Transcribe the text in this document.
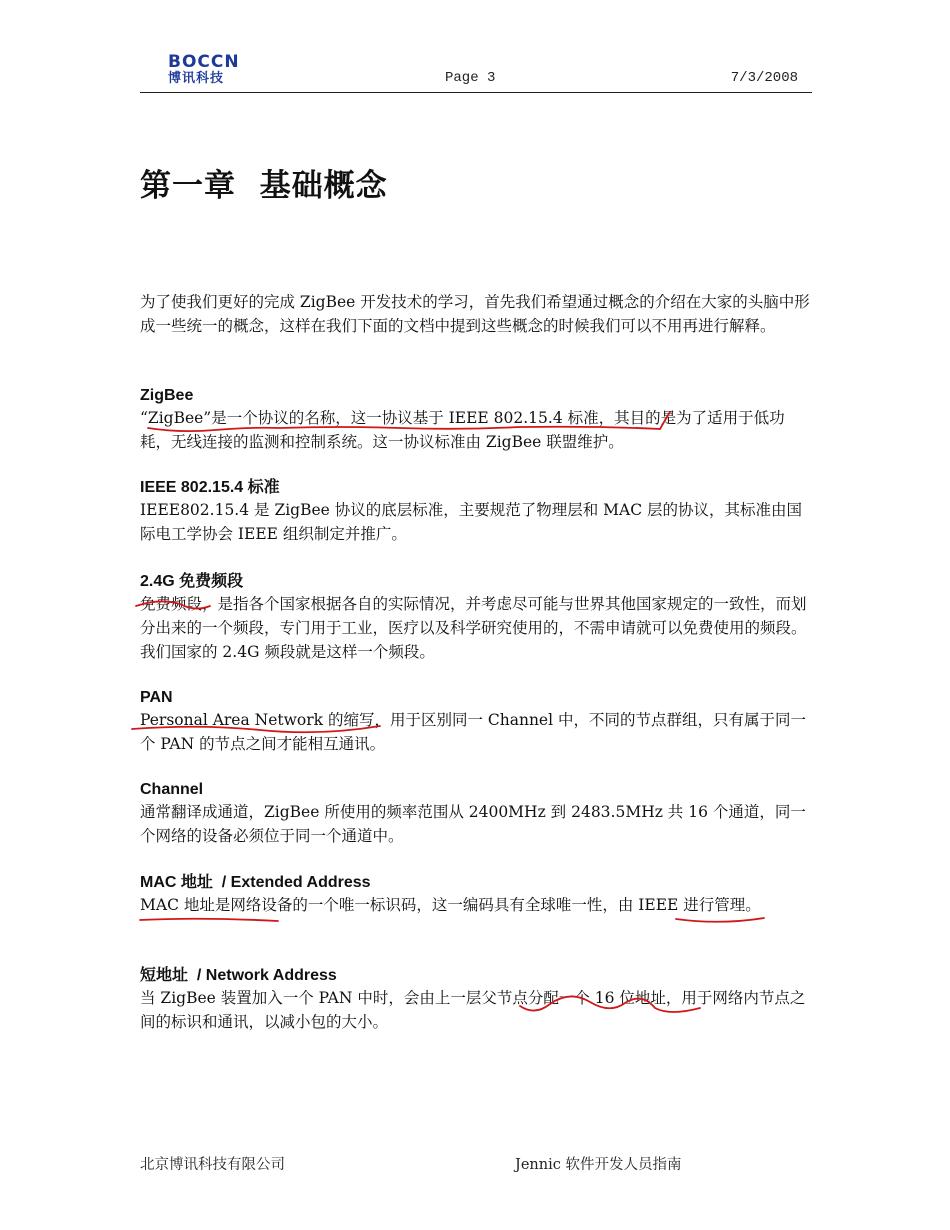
BOCCN
博讯科技	Page 3	7/3/2008
第一章  基础概念
为了使我们更好的完成 ZigBee 开发技术的学习，首先我们希望通过概念的介绍在大家的头脑中形成一些统一的概念，这样在我们下面的文档中提到这些概念的时候我们可以不用再进行解释。
ZigBee
“ZigBee”是一个协议的名称，这一协议基于 IEEE 802.15.4 标准，其目的是为了适用于低功耗，无线连接的监测和控制系统。这一协议标准由 ZigBee 联盟维护。
IEEE 802.15.4 标准
IEEE802.15.4 是 ZigBee 协议的底层标准，主要规范了物理层和 MAC 层的协议，其标准由国际电工学协会 IEEE 组织制定并推广。
2.4G 免费频段
免费频段，是指各个国家根据各自的实际情况，并考虑尽可能与世界其他国家规定的一致性，而划分出来的一个频段，专门用于工业，医疗以及科学研究使用的，不需申请就可以免费使用的频段。我们国家的 2.4G 频段就是这样一个频段。
PAN
Personal Area Network 的缩写，用于区别同一 Channel 中，不同的节点群组，只有属于同一个 PAN 的节点之间才能相互通讯。
Channel
通常翻译成通道，ZigBee 所使用的频率范围从 2400MHz 到 2483.5MHz 共 16 个通道，同一个网络的设备必须位于同一个通道中。
MAC 地址  / Extended Address
MAC 地址是网络设备的一个唯一标识码，这一编码具有全球唯一性，由 IEEE 进行管理。
短地址  / Network Address
当 ZigBee 装置加入一个 PAN 中时，会由上一层父节点分配一个 16 位地址，用于网络内节点之间的标识和通讯，以减小包的大小。
北京博讯科技有限公司	Jennic 软件开发人员指南
